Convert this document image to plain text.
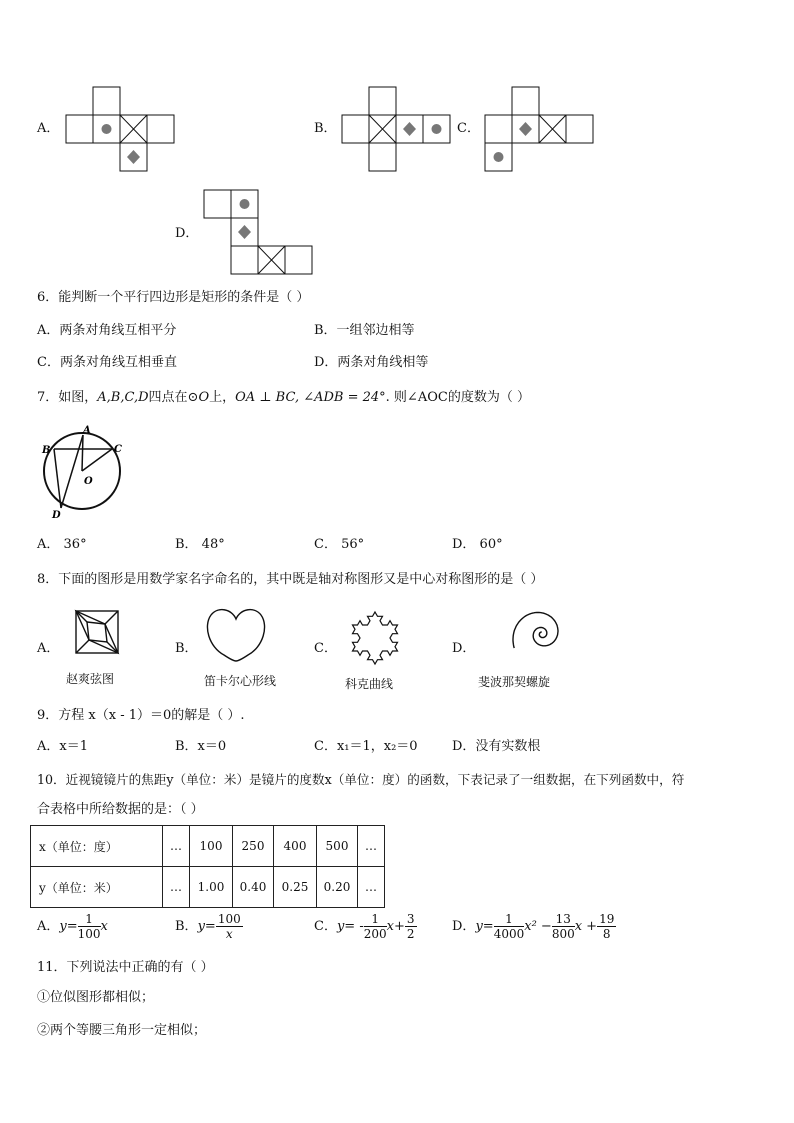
A．	B．	C．
D．
6．能判断一个平行四边形是矩形的条件是（ ）
A．两条对角线互相平分	B．一组邻边相等
C．两条对角线互相垂直	D．两条对角线相等
7．如图，A,B,C,D四点在⊙O上，OA ⊥ BC, ∠ADB = 24°. 则∠AOC的度数为（ ）
A
B	C
D
O
A． 36°	B． 48°	C． 56°	D． 60°
8．下面的图形是用数学家名字命名的，其中既是轴对称图形又是中心对称图形的是（ ）
A．
赵爽弦图
B．
笛卡尔心形线
C．
科克曲线
D．
斐波那契螺旋
9．方程 x（x - 1）＝0的解是（ ）.
A．x＝1	B．x＝0	C．x₁＝1，x₂＝0	D．没有实数根
10．近视镜镜片的焦距y（单位：米）是镜片的度数x（单位：度）的函数，下表记录了一组数据，在下列函数中，符
合表格中所给数据的是：（ ）
x（单位：度）	…	100	250	400	500	…
y（单位：米）	…	1.00	0.40	0.25	0.20	…
A．$y= \frac{1}{100}$ x	B．$y= \frac{100}{x}$	C．$y= - \frac{1}{200} x+ \frac{3}{2}$	D．$y= \frac{1}{4000} x^2 - \frac{13}{800}$ $x + \frac{19}{8}$
11．下列说法中正确的有（ ）
①位似图形都相似；
②两个等腰三角形一定相似；
